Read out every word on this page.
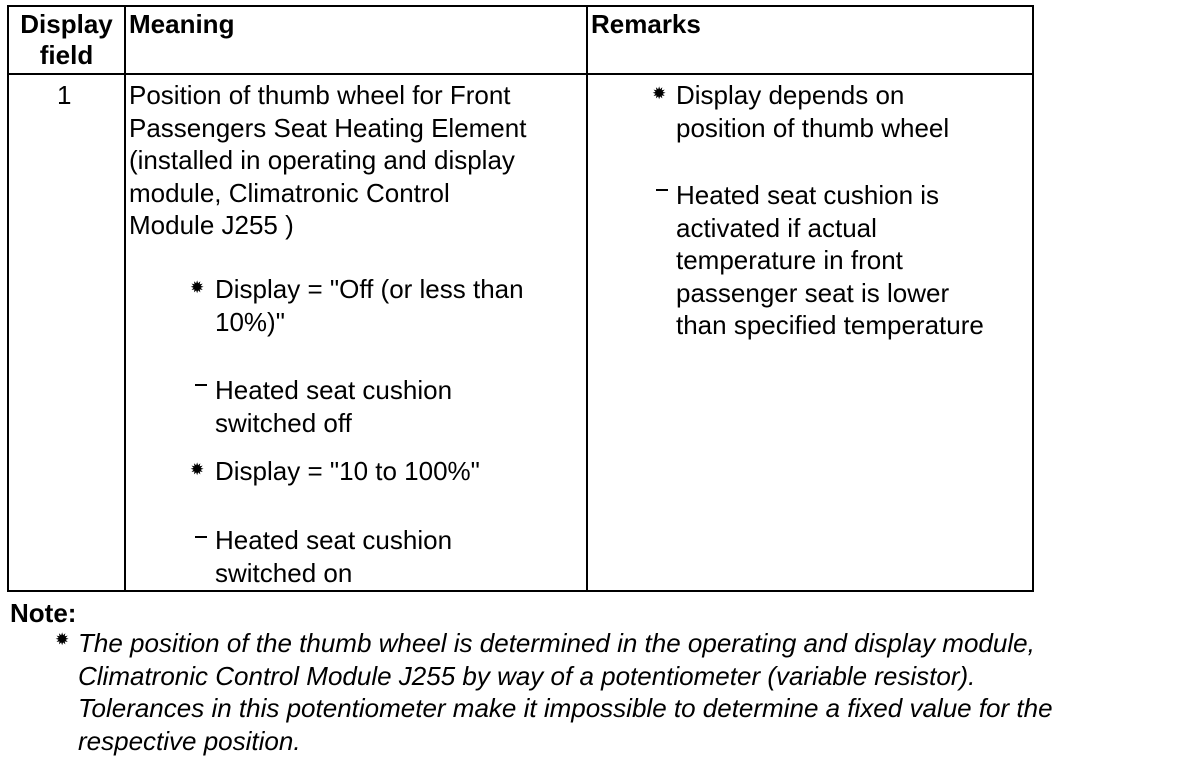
Display
field
Meaning	Remarks
1 Position of thumb wheel for Front
Passengers Seat Heating Element
(installed in operating and display
module, Climatronic Control
Module J255 )
✹ Display = "Off (or less than
10%)"
Heated seat cushion
switched off
✹ Display = "10 to 100%"
Heated seat cushion
switched on
✹ Display depends on
position of thumb wheel
Heated seat cushion is
activated if actual
temperature in front
passenger seat is lower
than specified temperature
Note:
✹ The position of the thumb wheel is determined in the operating and display module,
Climatronic Control Module J255 by way of a potentiometer (variable resistor).
Tolerances in this potentiometer make it impossible to determine a fixed value for the
respective position.
